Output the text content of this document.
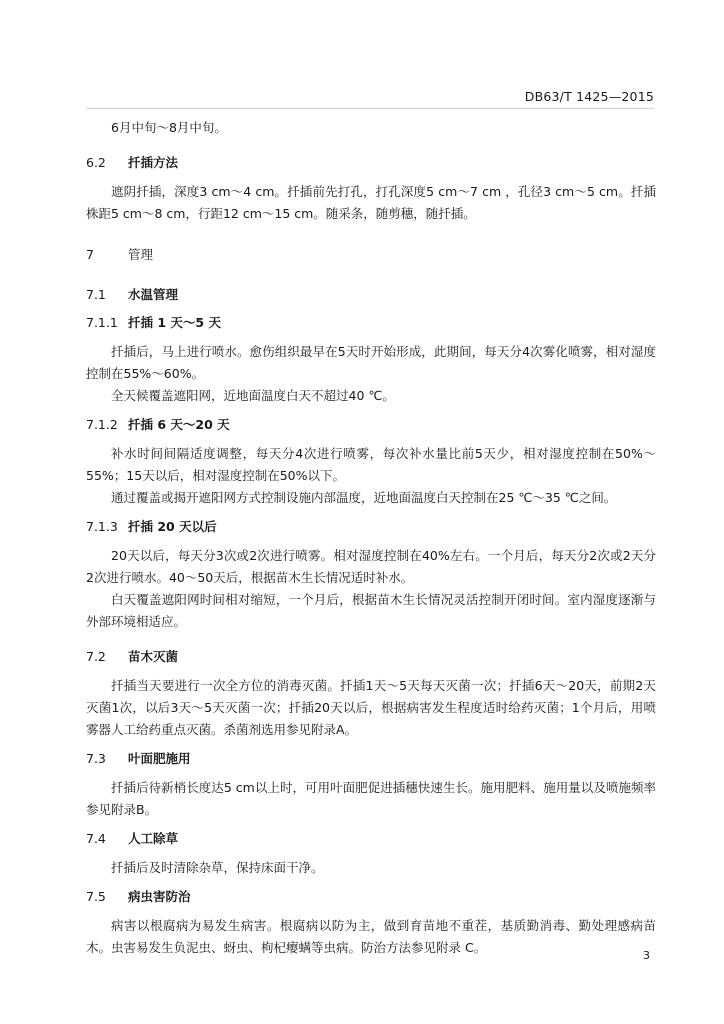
DB63/T 1425—2015

6月中旬～8月中旬。

6.2 扦插方法

遮阴扦插，深度3 cm～4 cm。扦插前先打孔，打孔深度5 cm～7 cm ，孔径3 cm～5 cm。扦插株距5 cm～8 cm，行距12 cm～15 cm。随采条，随剪穗，随扦插。

7	管理
7.1 水温管理
7.1.1 扦插 1 天～5 天

扦插后，马上进行喷水。愈伤组织最早在5天时开始形成，此期间，每天分4次雾化喷雾，相对湿度控制在55%～60%。

全天候覆盖遮阳网，近地面温度白天不超过40 ℃。

7.1.2 扦插 6 天～20 天

补水时间间隔适度调整，每天分4次进行喷雾，每次补水量比前5天少，相对湿度控制在50%～55%；15天以后，相对湿度控制在50%以下。

通过覆盖或揭开遮阳网方式控制设施内部温度，近地面温度白天控制在25 ℃～35 ℃之间。

7.1.3 扦插 20 天以后

20天以后，每天分3次或2次进行喷雾。相对湿度控制在40%左右。一个月后，每天分2次或2天分2次进行喷水。40～50天后，根据苗木生长情况适时补水。

白天覆盖遮阳网时间相对缩短，一个月后，根据苗木生长情况灵活控制开闭时间。室内湿度逐渐与外部环境相适应。

7.2 苗木灭菌

扦插当天要进行一次全方位的消毒灭菌。扦插1天～5天每天灭菌一次；扦插6天～20天，前期2天灭菌1次，以后3天～5天灭菌一次；扦插20天以后，根据病害发生程度适时给药灭菌；1个月后，用喷雾器人工给药重点灭菌。杀菌剂选用参见附录A。

7.3 叶面肥施用

扦插后待新梢长度达5 cm以上时，可用叶面肥促进插穗快速生长。施用肥料、施用量以及喷施频率参见附录B。

7.4 人工除草

扦插后及时清除杂草，保持床面干净。

7.5 病虫害防治

病害以根腐病为易发生病害。根腐病以防为主，做到育苗地不重茬，基质勤消毒、勤处理感病苗木。虫害易发生负泥虫、蚜虫、枸杞瘿螨等虫病。防治方法参见附录 C。

3
